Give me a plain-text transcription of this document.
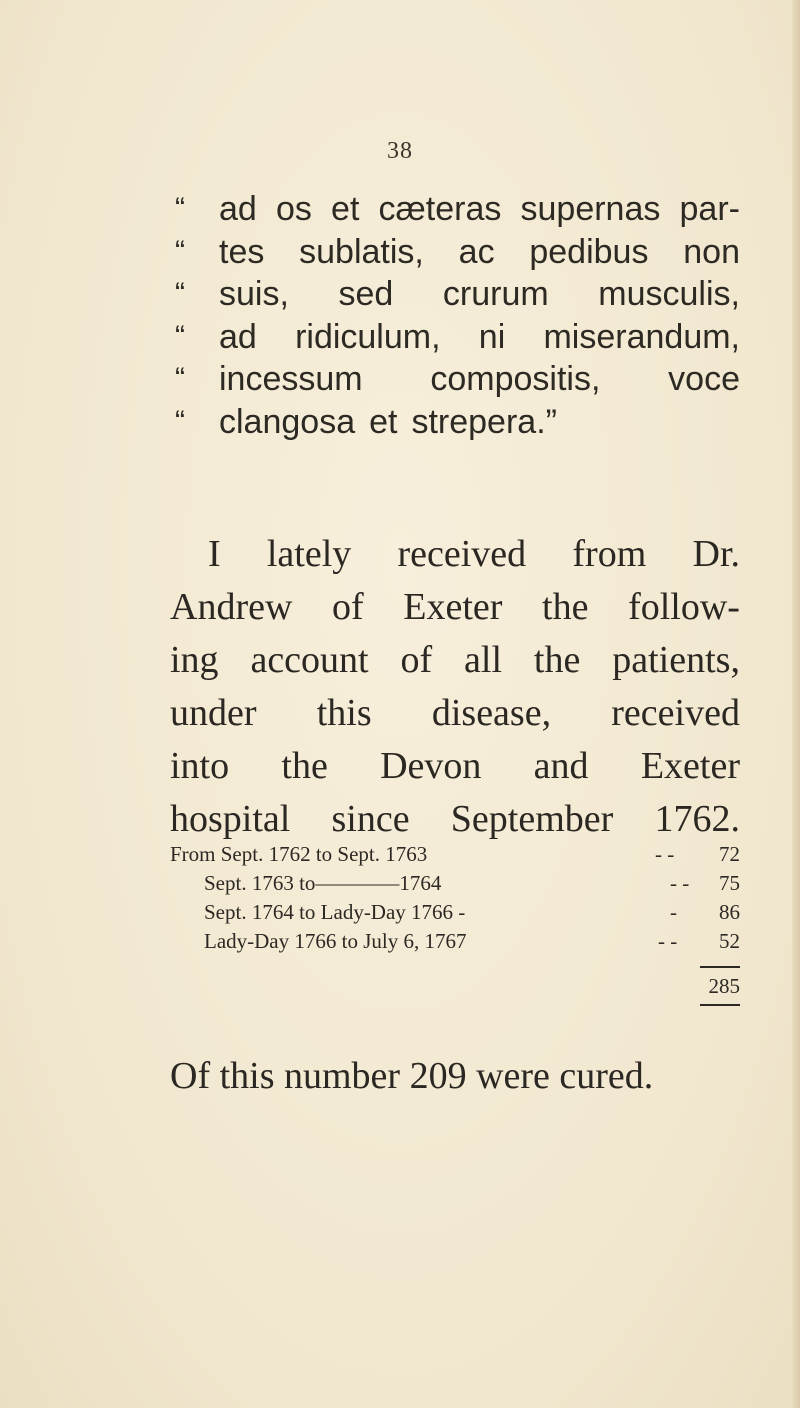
38
“	ad os et cæteras supernas par-
“	tes sublatis, ac pedibus non
“	suis, sed crurum musculis,
“	ad ridiculum, ni miserandum,
“	incessum compositis, voce
“	clangosa et strepera.”
I lately received from Dr.
Andrew of Exeter the follow-
ing account of all the patients,
under this disease, received
into the Devon and Exeter
hospital since September 1762.
From Sept. 1762 to Sept. 1763	- - 72
Sept. 1763 to————1764	- - 75
Sept. 1764 to Lady-Day 1766 -	- 86
Lady-Day 1766 to July 6, 1767	- - 52
285
Of this number 209 were cured.
